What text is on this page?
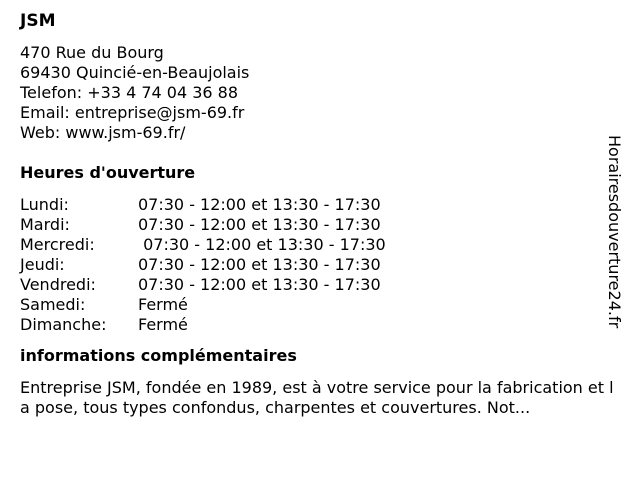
JSM
470 Rue du Bourg
69430 Quincié-en-Beaujolais
Telefon: +33 4 74 04 36 88
Email: entreprise@jsm-69.fr
Web: www.jsm-69.fr/
Heures d'ouverture
Lundi:	07:30 - 12:00 et 13:30 - 17:30
Mardi:	07:30 - 12:00 et 13:30 - 17:30
Mercredi:	07:30 - 12:00 et 13:30 - 17:30
Jeudi:	07:30 - 12:00 et 13:30 - 17:30
Vendredi:	07:30 - 12:00 et 13:30 - 17:30
Samedi:	Fermé
Dimanche:	Fermé
informations complémentaires
Entreprise JSM, fondée en 1989, est à votre service pour la fabrication et la pose, tous types confondus, charpentes et couvertures. Not...
Horairesdouverture24.fr
